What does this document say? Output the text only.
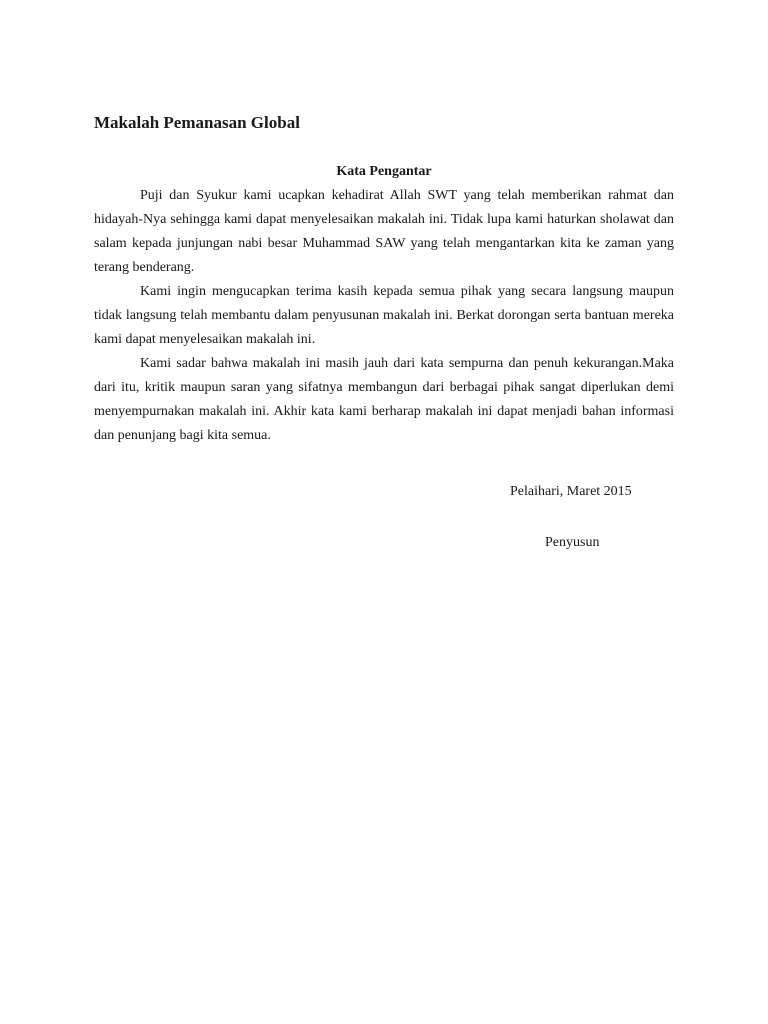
Makalah Pemanasan Global
Kata Pengantar

Puji dan Syukur kami ucapkan kehadirat Allah SWT yang telah memberikan rahmat dan hidayah-Nya sehingga kami dapat menyelesaikan makalah ini. Tidak lupa kami haturkan sholawat dan salam kepada junjungan nabi besar Muhammad SAW yang telah mengantarkan kita ke zaman yang terang benderang.

Kami ingin mengucapkan terima kasih kepada semua pihak yang secara langsung maupun tidak langsung telah membantu dalam penyusunan makalah ini. Berkat dorongan serta bantuan mereka kami dapat menyelesaikan makalah ini.

Kami sadar bahwa makalah ini masih jauh dari kata sempurna dan penuh kekurangan.Maka dari itu, kritik maupun saran yang sifatnya membangun dari berbagai pihak sangat diperlukan demi menyempurnakan makalah ini. Akhir kata kami berharap makalah ini dapat menjadi bahan informasi dan penunjang bagi kita semua.

Pelaihari, Maret 2015

Penyusun
